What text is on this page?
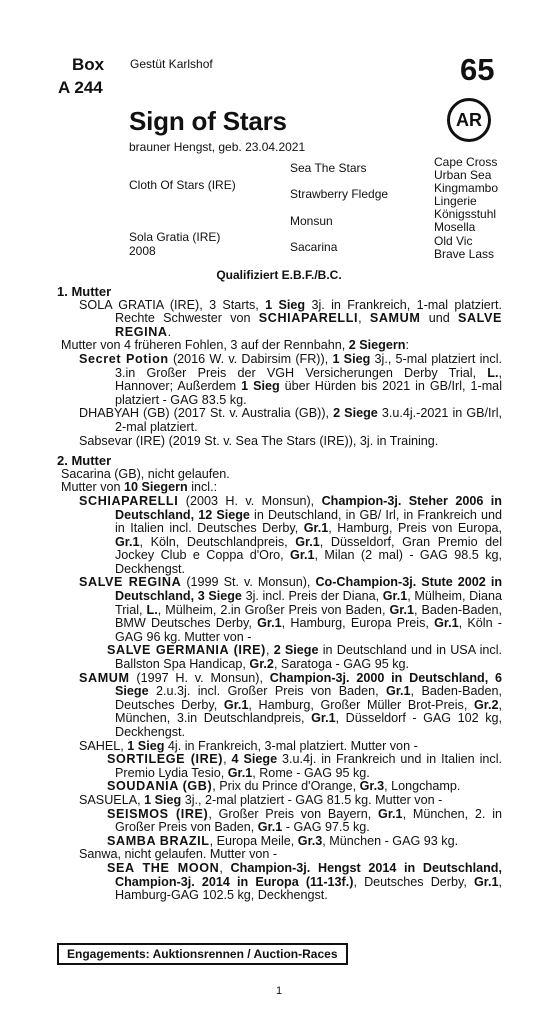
Box
A 244
Gestüt Karlshof	65
Sign of Stars
brauner Hengst, geb. 23.04.2021
AR
Cloth Of Stars (IRE)
Sola Gratia (IRE)
2008
Sea The Stars
Strawberry Fledge
Monsun
Sacarina
Cape Cross
Urban Sea
Kingmambo
Lingerie
Königsstuhl
Mosella
Old Vic
Brave Lass
Qualifiziert E.B.F./B.C.
1. Mutter

SOLA GRATIA (IRE), 3 Starts, 1 Sieg 3j. in Frankreich, 1-mal platziert. Rechte Schwester von SCHIAPARELLI, SAMUM und SALVE REGINA.

Mutter von 4 früheren Fohlen, 3 auf der Rennbahn, 2 Siegern:

Secret Potion (2016 W. v. Dabirsim (FR)), 1 Sieg 3j., 5-mal platziert incl. 3.in Großer Preis der VGH Versicherungen Derby Trial, L., Hannover; Außerdem 1 Sieg über Hürden bis 2021 in GB/Irl, 1-mal platziert - GAG 83.5 kg.

DHABYAH (GB) (2017 St. v. Australia (GB)), 2 Siege 3.u.4j.-2021 in GB/Irl, 2-mal platziert.

Sabsevar (IRE) (2019 St. v. Sea The Stars (IRE)), 3j. in Training.

2. Mutter

Sacarina (GB), nicht gelaufen.

Mutter von 10 Siegern incl.:

SCHIAPARELLI (2003 H. v. Monsun), Champion-3j. Steher 2006 in Deutschland, 12 Siege in Deutschland, in GB/ Irl, in Frankreich und in Italien incl. Deutsches Derby, Gr.1, Hamburg, Preis von Europa, Gr.1, Köln, Deutschlandpreis, Gr.1, Düsseldorf, Gran Premio del Jockey Club e Coppa d'Oro, Gr.1, Milan (2 mal) - GAG 98.5 kg, Deckhengst.

SALVE REGINA (1999 St. v. Monsun), Co-Champion-3j. Stute 2002 in Deutschland, 3 Siege 3j. incl. Preis der Diana, Gr.1, Mülheim, Diana Trial, L., Mülheim, 2.in Großer Preis von Baden, Gr.1, Baden-Baden, BMW Deutsches Derby, Gr.1, Hamburg, Europa Preis, Gr.1, Köln - GAG 96 kg. Mutter von -

SALVE GERMANIA (IRE), 2 Siege in Deutschland und in USA incl. Ballston Spa Handicap, Gr.2, Saratoga - GAG 95 kg.

SAMUM (1997 H. v. Monsun), Champion-3j. 2000 in Deutschland, 6 Siege 2.u.3j. incl. Großer Preis von Baden, Gr.1, Baden-Baden, Deutsches Derby, Gr.1, Hamburg, Großer Müller Brot-Preis, Gr.2, München, 3.in Deutschlandpreis, Gr.1, Düsseldorf - GAG 102 kg, Deckhengst.

SAHEL, 1 Sieg 4j. in Frankreich, 3-mal platziert. Mutter von -

SORTILEGE (IRE), 4 Siege 3.u.4j. in Frankreich und in Italien incl. Premio Lydia Tesio, Gr.1, Rome - GAG 95 kg.

SOUDANIA (GB), Prix du Prince d'Orange, Gr.3, Longchamp.

SASUELA, 1 Sieg 3j., 2-mal platziert - GAG 81.5 kg. Mutter von -

SEISMOS (IRE), Großer Preis von Bayern, Gr.1, München, 2. in Großer Preis von Baden, Gr.1 - GAG 97.5 kg.

SAMBA BRAZIL, Europa Meile, Gr.3, München - GAG 93 kg.

Sanwa, nicht gelaufen. Mutter von -

SEA THE MOON, Champion-3j. Hengst 2014 in Deutschland, Champion-3j. 2014 in Europa (11-13f.), Deutsches Derby, Gr.1, Hamburg-GAG 102.5 kg, Deckhengst.

Engagements: Auktionsrennen / Auction-Races
1
